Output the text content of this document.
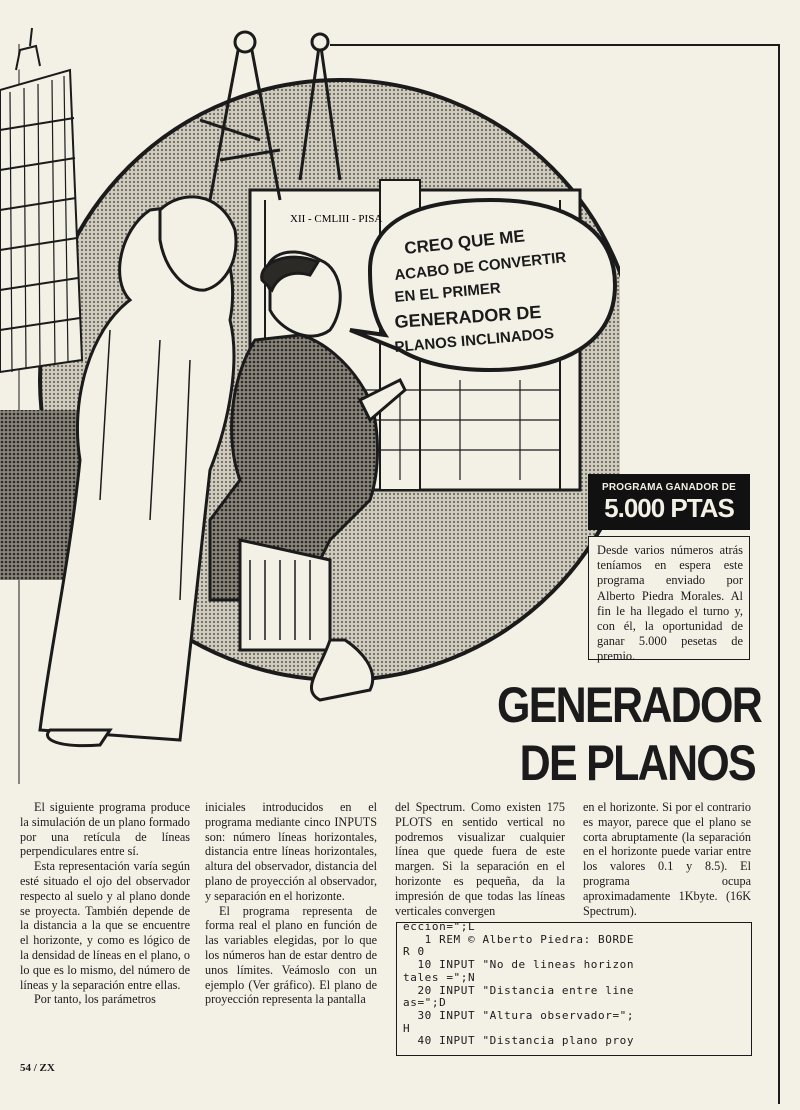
XII - CMLIII - PISA
CREO QUE ME
ACABO DE CONVERTIR
EN EL PRIMER
GENERADOR DE
PLANOS INCLINADOS
PROGRAMA GANADOR DE
5.000 PTAS
Desde varios números atrás teníamos en espera este programa enviado por Alberto Piedra Morales. Al fin le ha llegado el turno y, con él, la oportunidad de ganar 5.000 pesetas de premio.
GENERADOR
DE PLANOS

El siguiente programa produce la simulación de un plano formado por una retícula de líneas perpendiculares entre sí.

Esta representación varía según esté situado el ojo del observador respecto al suelo y al plano donde se proyecta. También depende de la distancia a la que se encuentre el horizonte, y como es lógico de la densidad de líneas en el plano, o lo que es lo mismo, del número de líneas y la separación entre ellas.

Por tanto, los parámetros

iniciales introducidos en el programa mediante cinco INPUTS son: número líneas horizontales, distancia entre líneas horizontales, altura del observador, distancia del plano de proyección al observador, y separación en el horizonte.

El programa representa de forma real el plano en función de las variables elegidas, por lo que los números han de estar dentro de unos límites. Veámoslo con un ejemplo (Ver gráfico). El plano de proyección representa la pantalla

del Spectrum. Como existen 175 PLOTS en sentido vertical no podremos visualizar cualquier línea que quede fuera de este margen. Si la separación en el horizonte es pequeña, da la impresión de que todas las líneas verticales convergen

en el horizonte. Si por el contrario es mayor, parece que el plano se corta abruptamente (la separación en el horizonte puede variar entre los valores 0.1 y 8.5). El programa ocupa aproximadamente 1Kbyte. (16K Spectrum).

eccion=";L
1 REM © Alberto Piedra: BORDE
R 0
10 INPUT "No de lineas horizon
tales =";N
20 INPUT "Distancia entre line
as=";D
30 INPUT "Altura observador=";
H
40 INPUT "Distancia plano proy
54 / ZX
